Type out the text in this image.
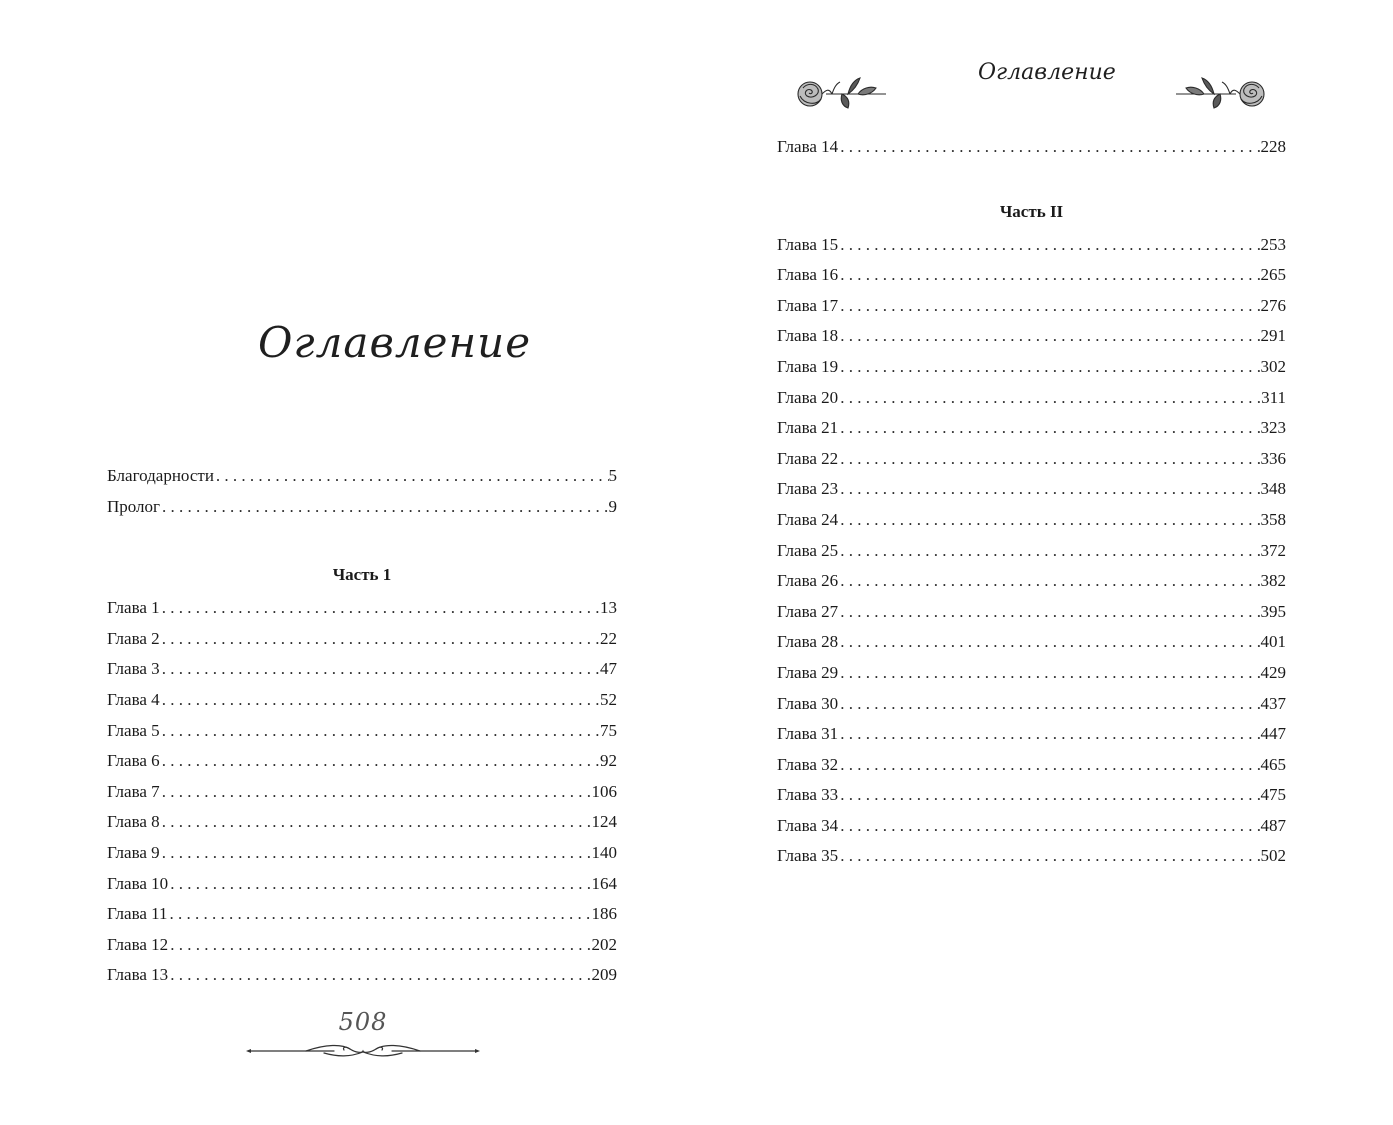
Оглавление
Благодарности . . .	5
Пролог . . .	9
Часть 1
Глава 1 . . .	13
Глава 2 . . .	22
Глава 3 . . .	47
Глава 4 . . .	52
Глава 5 . . .	75
Глава 6 . . .	92
Глава 7 . . .	106
Глава 8 . . .	124
Глава 9 . . .	140
Глава 10 . . .	164
Глава 11 . . .	186
Глава 12 . . .	202
Глава 13 . . .	209
508
Оглавление
Глава 14 . . .	228
Часть II
Глава 15 . . .	253
Глава 16 . . .	265
Глава 17 . . .	276
Глава 18 . . .	291
Глава 19 . . .	302
Глава 20 . . .	311
Глава 21 . . .	323
Глава 22 . . .	336
Глава 23 . . .	348
Глава 24 . . .	358
Глава 25 . . .	372
Глава 26 . . .	382
Глава 27 . . .	395
Глава 28 . . .	401
Глава 29 . . .	429
Глава 30 . . .	437
Глава 31 . . .	447
Глава 32 . . .	465
Глава 33 . . .	475
Глава 34 . . .	487
Глава 35 . . .	502
